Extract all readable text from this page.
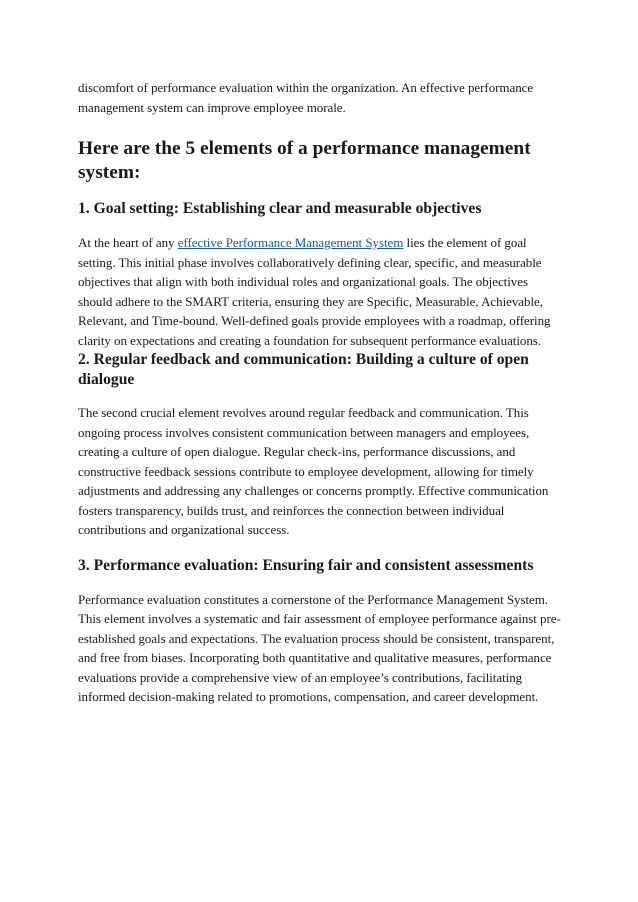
discomfort of performance evaluation within the organization. An effective performance management system can improve employee morale.

Here are the 5 elements of a performance management system:
1. Goal setting: Establishing clear and measurable objectives

At the heart of any effective Performance Management System lies the element of goal setting. This initial phase involves collaboratively defining clear, specific, and measurable objectives that align with both individual roles and organizational goals. The objectives should adhere to the SMART criteria, ensuring they are Specific, Measurable, Achievable, Relevant, and Time-bound. Well-defined goals provide employees with a roadmap, offering clarity on expectations and creating a foundation for subsequent performance evaluations.

2. Regular feedback and communication: Building a culture of open dialogue

The second crucial element revolves around regular feedback and communication. This ongoing process involves consistent communication between managers and employees, creating a culture of open dialogue. Regular check-ins, performance discussions, and constructive feedback sessions contribute to employee development, allowing for timely adjustments and addressing any challenges or concerns promptly. Effective communication fosters transparency, builds trust, and reinforces the connection between individual contributions and organizational success.

3. Performance evaluation: Ensuring fair and consistent assessments

Performance evaluation constitutes a cornerstone of the Performance Management System. This element involves a systematic and fair assessment of employee performance against pre-established goals and expectations. The evaluation process should be consistent, transparent, and free from biases. Incorporating both quantitative and qualitative measures, performance evaluations provide a comprehensive view of an employee’s contributions, facilitating informed decision-making related to promotions, compensation, and career development.
